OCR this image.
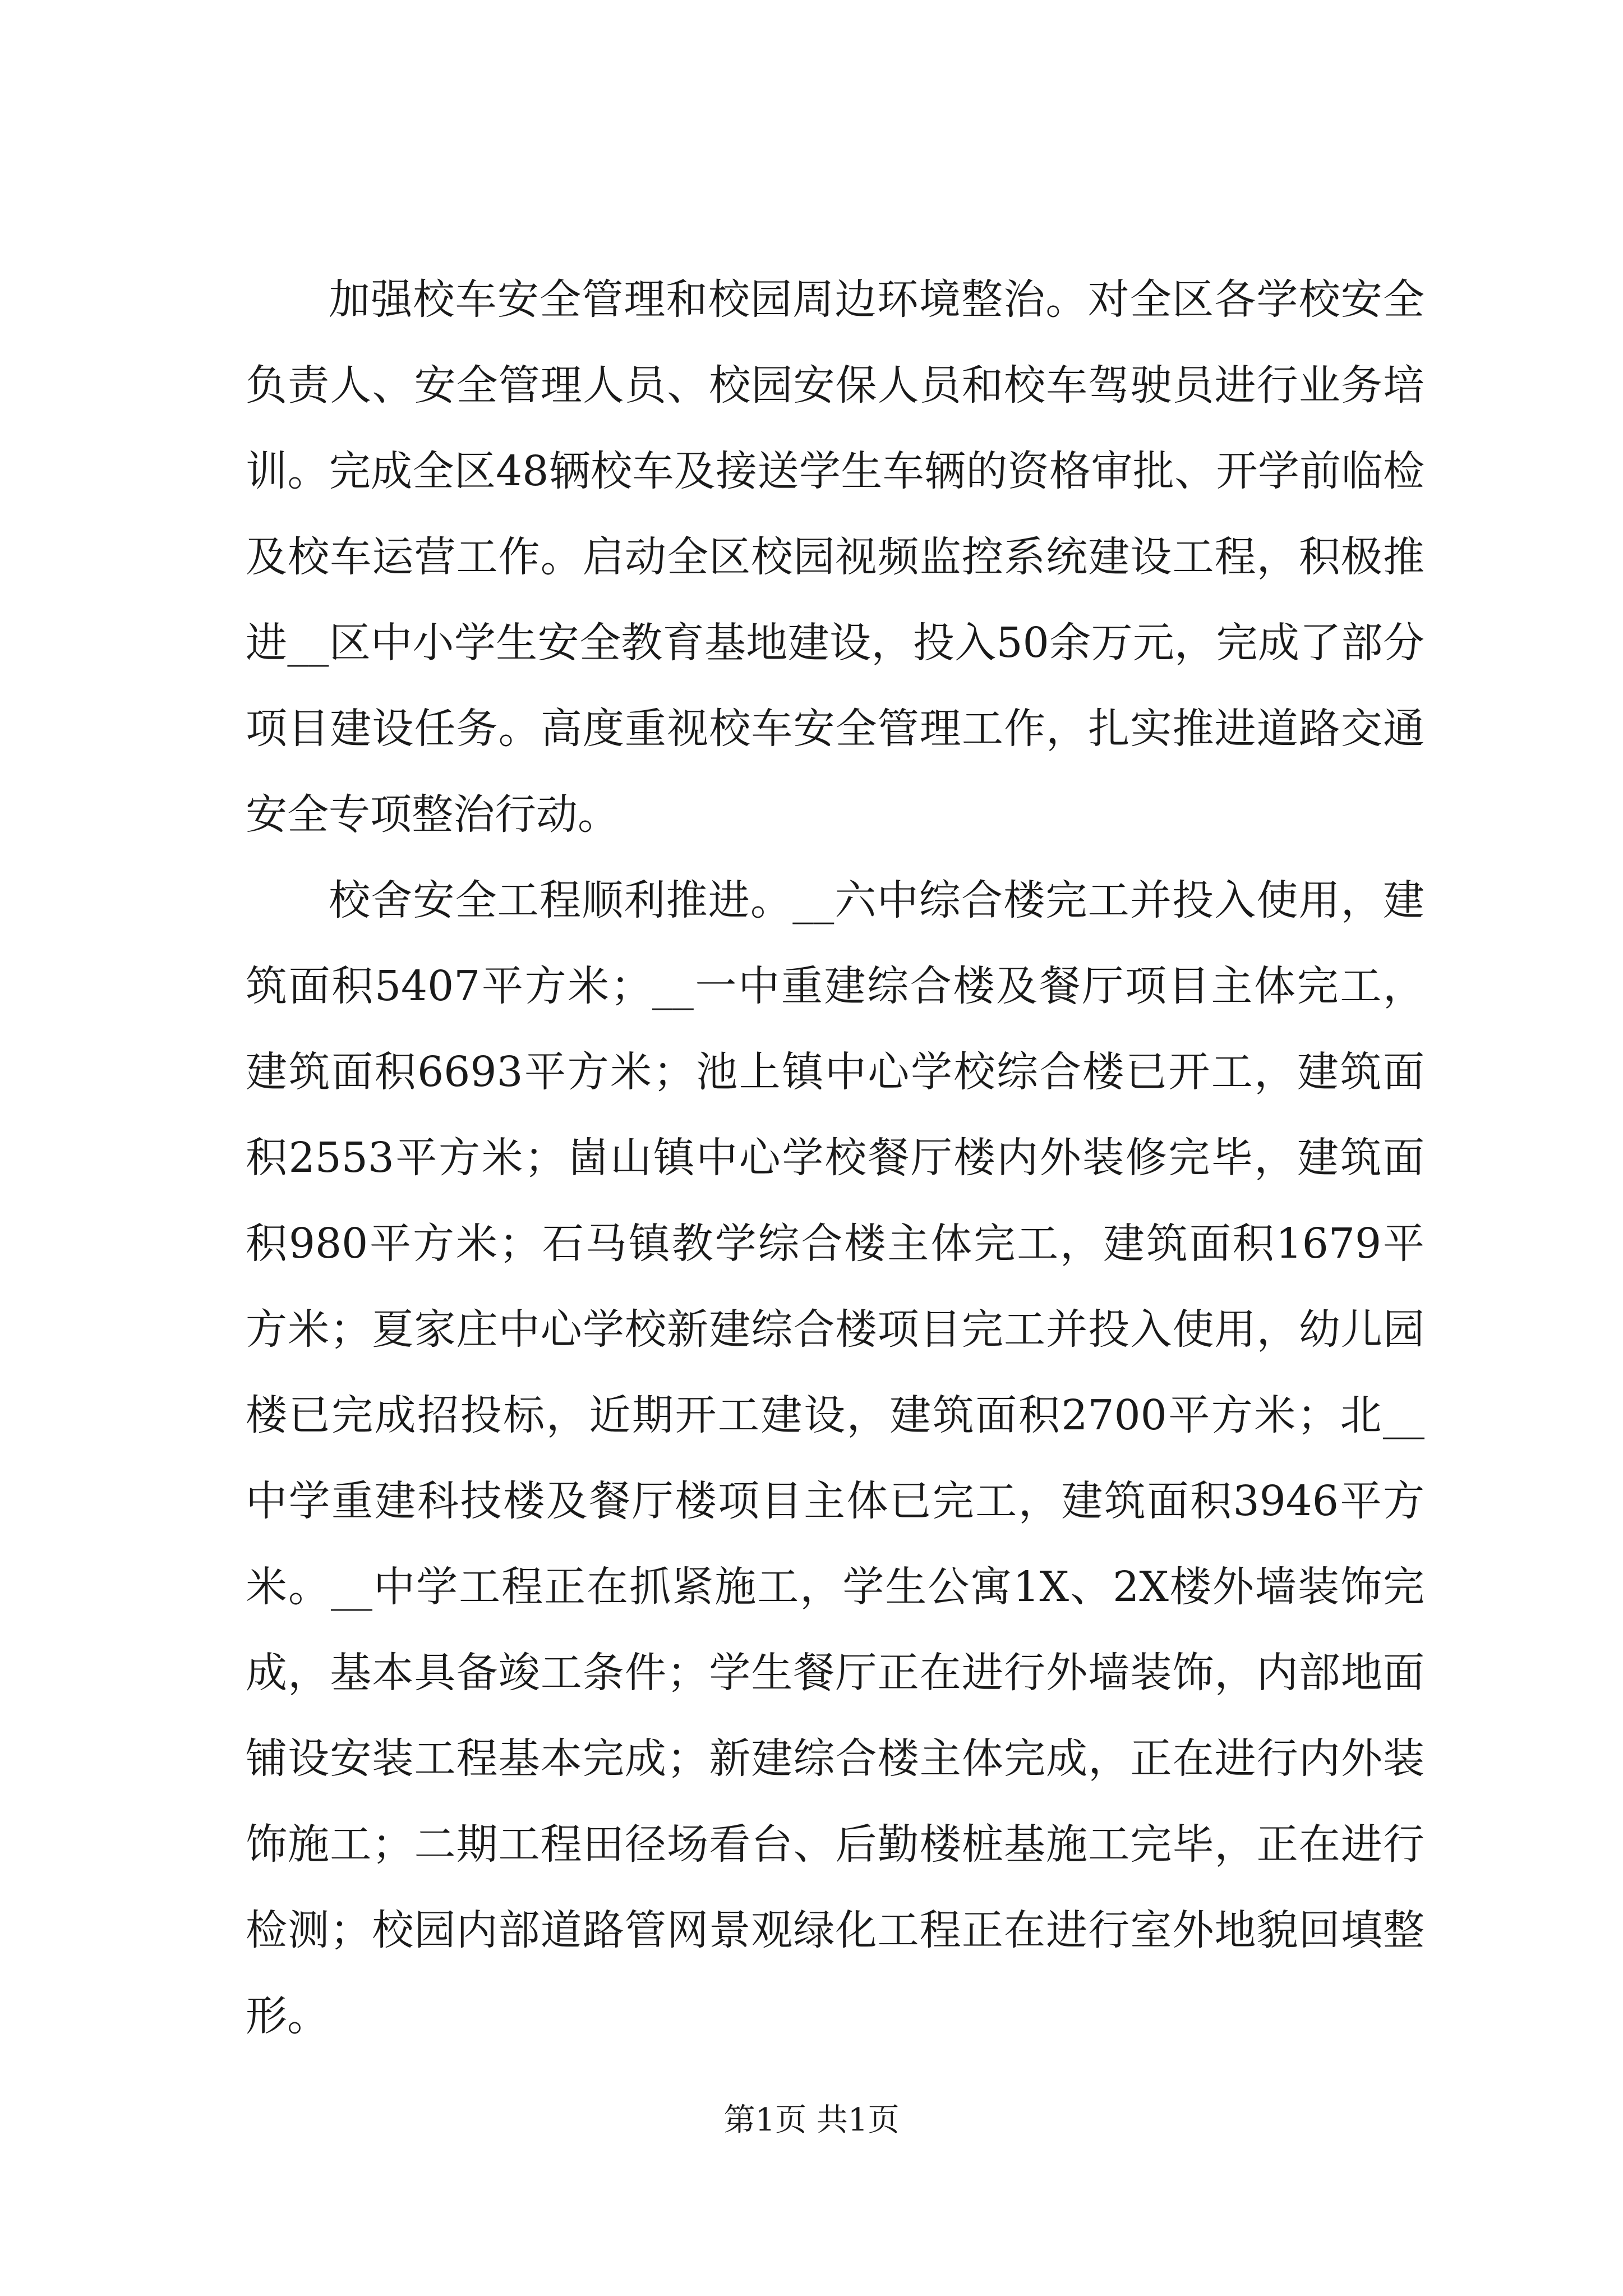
加强校车安全管理和校园周边环境整治。对全区各学校安全负责人、安全管理人员、校园安保人员和校车驾驶员进行业务培训。完成全区48辆校车及接送学生车辆的资格审批、开学前临检及校车运营工作。启动全区校园视频监控系统建设工程，积极推进__区中小学生安全教育基地建设，投入50余万元，完成了部分项目建设任务。高度重视校车安全管理工作，扎实推进道路交通安全专项整治行动。

校舍安全工程顺利推进。__六中综合楼完工并投入使用，建筑面积5407平方米；__一中重建综合楼及餐厅项目主体完工，建筑面积6693平方米；池上镇中心学校综合楼已开工，建筑面积2553平方米；崮山镇中心学校餐厅楼内外装修完毕，建筑面积980平方米；石马镇教学综合楼主体完工，建筑面积1679平方米；夏家庄中心学校新建综合楼项目完工并投入使用，幼儿园楼已完成招投标，近期开工建设，建筑面积2700平方米；北__中学重建科技楼及餐厅楼项目主体已完工，建筑面积3946平方米。__中学工程正在抓紧施工，学生公寓1X、2X楼外墙装饰完成，基本具备竣工条件；学生餐厅正在进行外墙装饰，内部地面铺设安装工程基本完成；新建综合楼主体完成，正在进行内外装饰施工；二期工程田径场看台、后勤楼桩基施工完毕，正在进行检测；校园内部道路管网景观绿化工程正在进行室外地貌回填整形。

第1页 共1页
